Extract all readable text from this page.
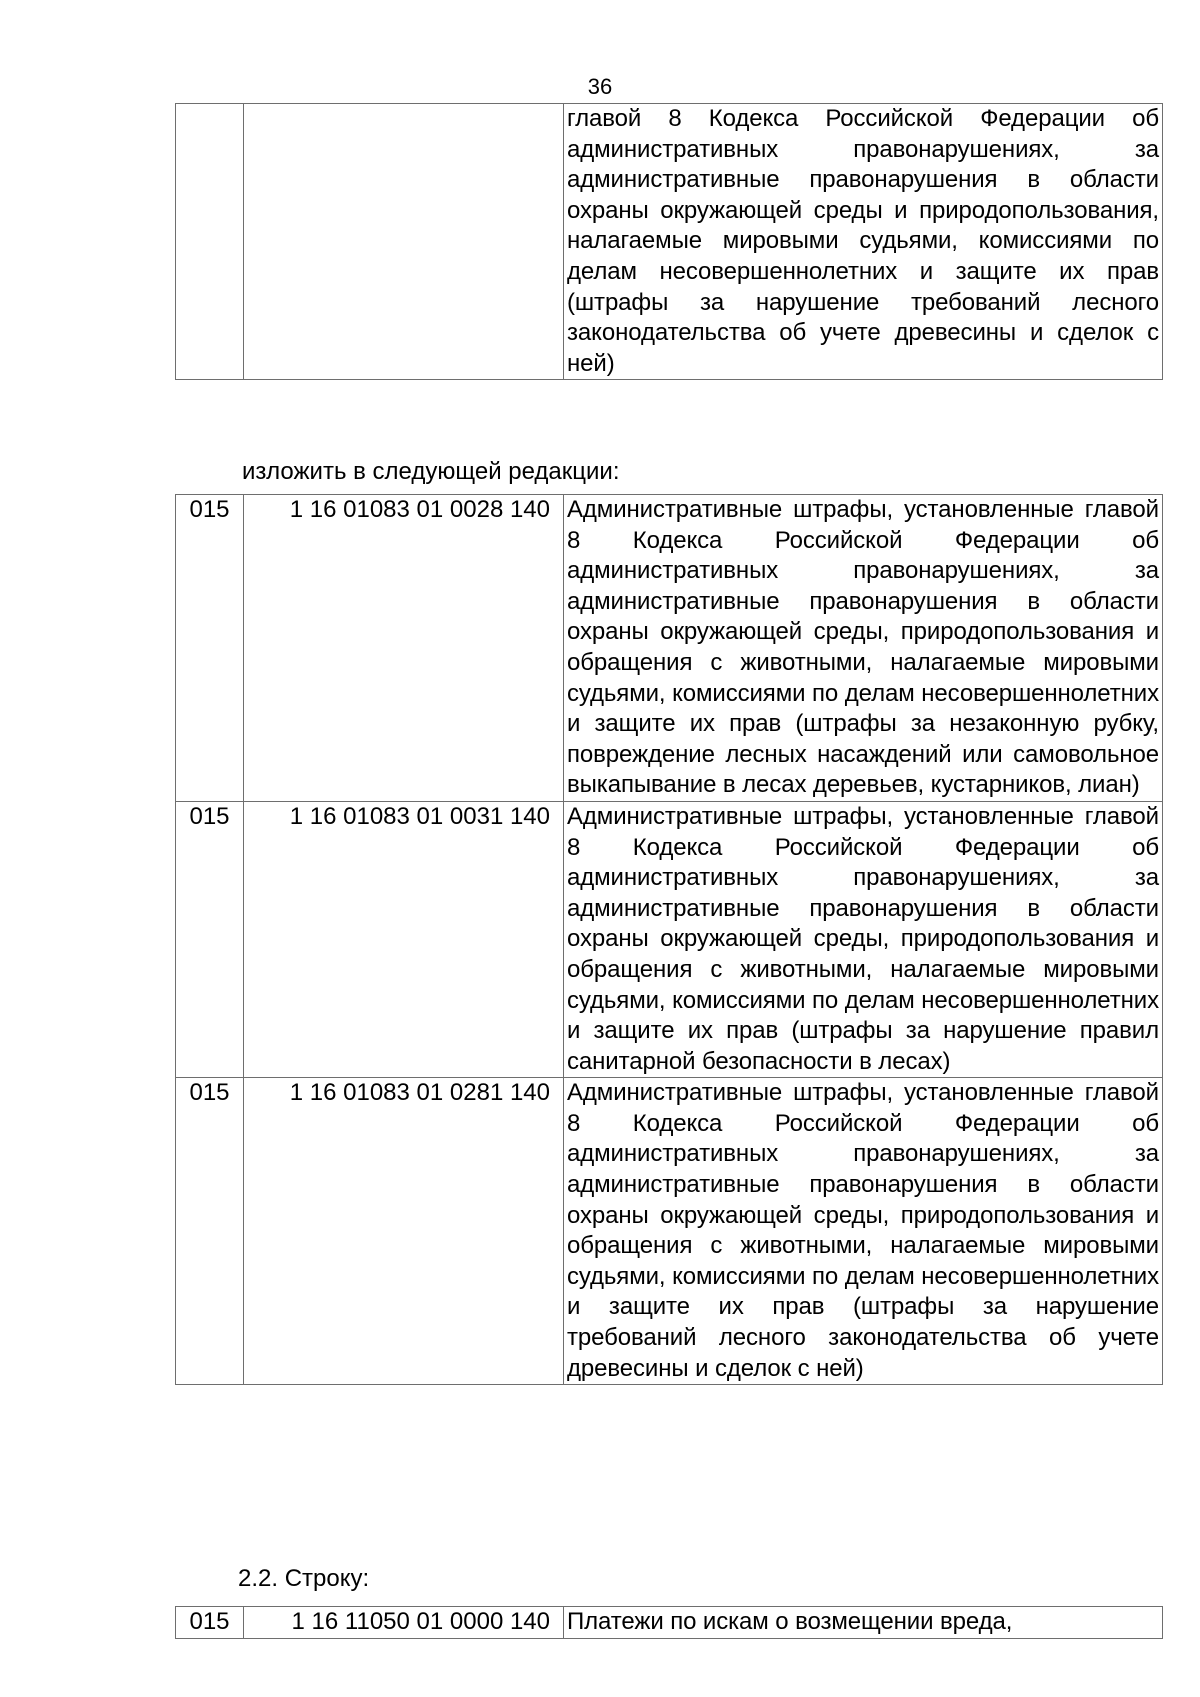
36
		главой 8 Кодекса Российской Федерации об административных правонарушениях, за административные правонарушения в области охраны окружающей среды и природопользования, налагаемые мировыми судьями, комиссиями по делам несовершеннолетних и защите их прав (штрафы за нарушение требований лесного законодательства об учете древесины и сделок с ней)
изложить в следующей редакции:
015	1 16 01083 01 0028 140	Административные штрафы, установленные главой 8 Кодекса Российской Федерации об административных правонарушениях, за административные правонарушения в области охраны окружающей среды, природопользования и обращения с животными, налагаемые мировыми судьями, комиссиями по делам несовершеннолетних и защите их прав (штрафы за незаконную рубку, повреждение лесных насаждений или самовольное выкапывание в лесах деревьев, кустарников, лиан)
015	1 16 01083 01 0031 140	Административные штрафы, установленные главой 8 Кодекса Российской Федерации об административных правонарушениях, за административные правонарушения в области охраны окружающей среды, природопользования и обращения с животными, налагаемые мировыми судьями, комиссиями по делам несовершеннолетних и защите их прав (штрафы за нарушение правил санитарной безопасности в лесах)
015	1 16 01083 01 0281 140	Административные штрафы, установленные главой 8 Кодекса Российской Федерации об административных правонарушениях, за административные правонарушения в области охраны окружающей среды, природопользования и обращения с животными, налагаемые мировыми судьями, комиссиями по делам несовершеннолетних и защите их прав (штрафы за нарушение требований лесного законодательства об учете древесины и сделок с ней)
2.2. Строку:
015	1 16 11050 01 0000 140	Платежи по искам о возмещении вреда,
